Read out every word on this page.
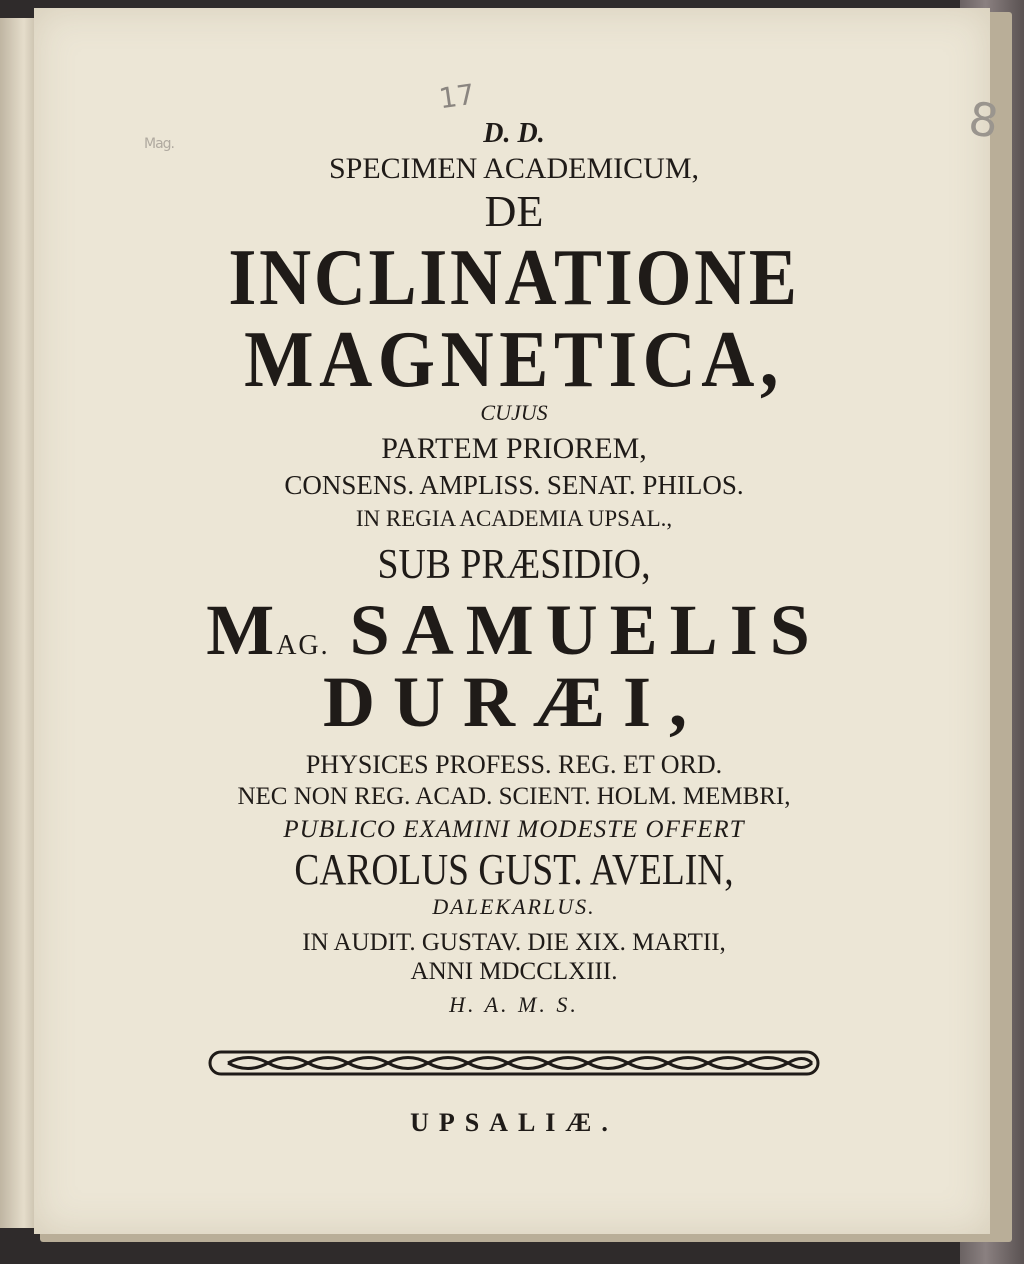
17	8
Mag.	D. D.
SPECIMEN ACADEMICUM,
DE
INCLINATIONE
MAGNETICA,
CUJUS
PARTEM PRIOREM,
CONSENS. AMPLISS. SENAT. PHILOS.
IN REGIA ACADEMIA UPSAL.,
SUB PRÆSIDIO,
MAG. SAMUELIS
DURÆI,
PHYSICES PROFESS. REG. ET ORD.
NEC NON REG. ACAD. SCIENT. HOLM. MEMBRI,
PUBLICO EXAMINI MODESTE OFFERT
CAROLUS GUST. AVELIN,
DALEKARLUS.
IN AUDIT. GUSTAV. DIE XIX. MARTII,
ANNI MDCCLXIII.
H. A. M. S.
UPSALIÆ.
